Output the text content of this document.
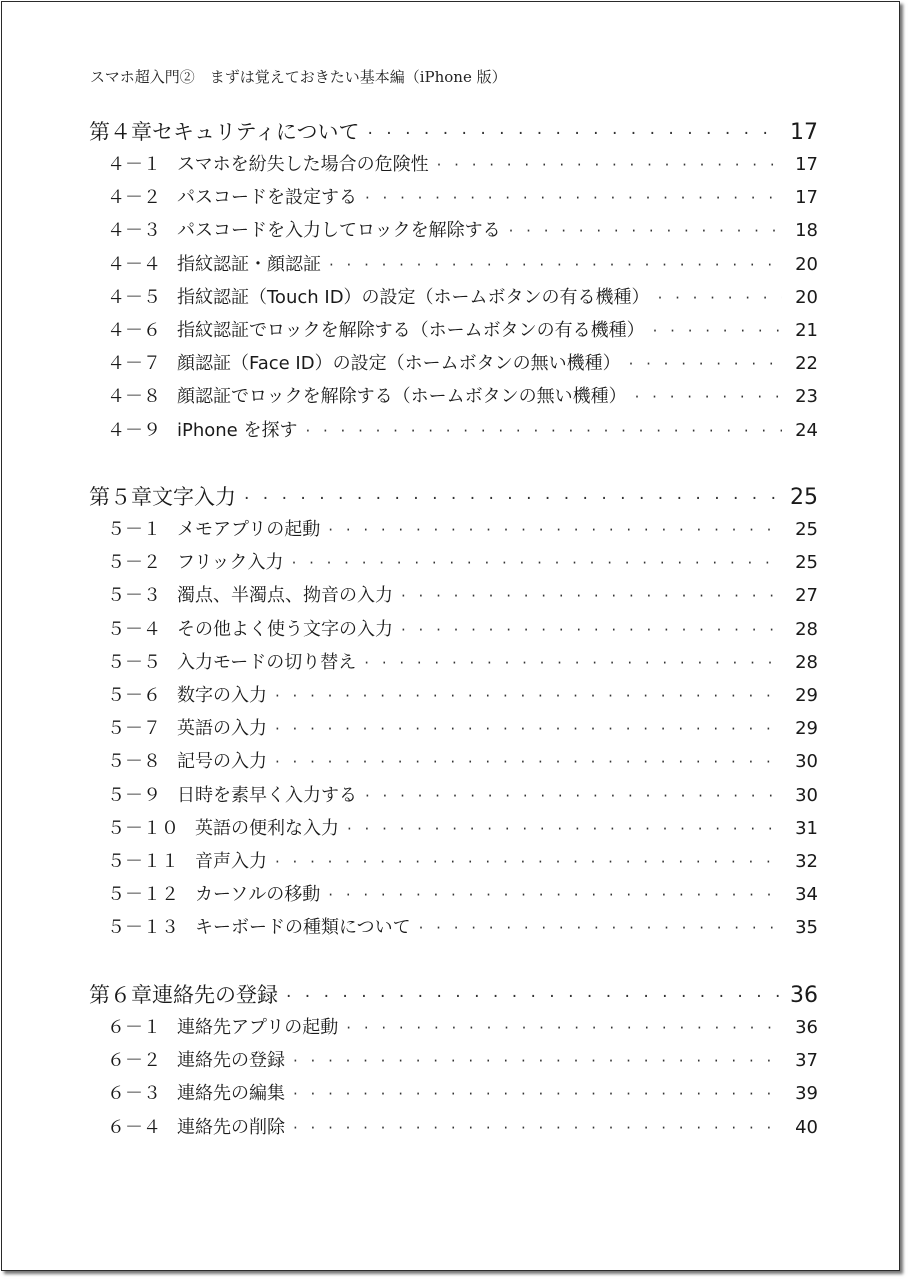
スマホ超入門②　まずは覚えておきたい基本編（iPhone 版）
第４章 セキュリティについて · · ·	17
４－１ スマホを紛失した場合の危険性 · · ·	17
４－２ パスコードを設定する · · ·	17
４－３ パスコードを入力してロックを解除する · · ·	18
４－４ 指紋認証・顔認証 · · ·	20
４－５ 指紋認証（Touch ID）の設定（ホームボタンの有る機種） · · ·	20
４－６ 指紋認証でロックを解除する（ホームボタンの有る機種） · · ·	21
４－７ 顔認証（Face ID）の設定（ホームボタンの無い機種） · · ·	22
４－８ 顔認証でロックを解除する（ホームボタンの無い機種） · · ·	23
４－９ iPhone を探す · · ·	24
第５章 文字入力 · · ·	25
５－１ メモアプリの起動 · · ·	25
５－２ フリック入力 · · ·	25
５－３ 濁点、半濁点、拗音の入力 · · ·	27
５－４ その他よく使う文字の入力 · · ·	28
５－５ 入力モードの切り替え · · ·	28
５－６ 数字の入力 · · ·	29
５－７ 英語の入力 · · ·	29
５－８ 記号の入力 · · ·	30
５－９ 日時を素早く入力する · · ·	30
５－１０ 英語の便利な入力 · · ·	31
５－１１ 音声入力 · · ·	32
５－１２ カーソルの移動 · · ·	34
５－１３ キーボードの種類について · · ·	35
第６章 連絡先の登録 · · ·	36
６－１ 連絡先アプリの起動 · · ·	36
６－２ 連絡先の登録 · · ·	37
６－３ 連絡先の編集 · · ·	39
６－４ 連絡先の削除 · · ·	40
